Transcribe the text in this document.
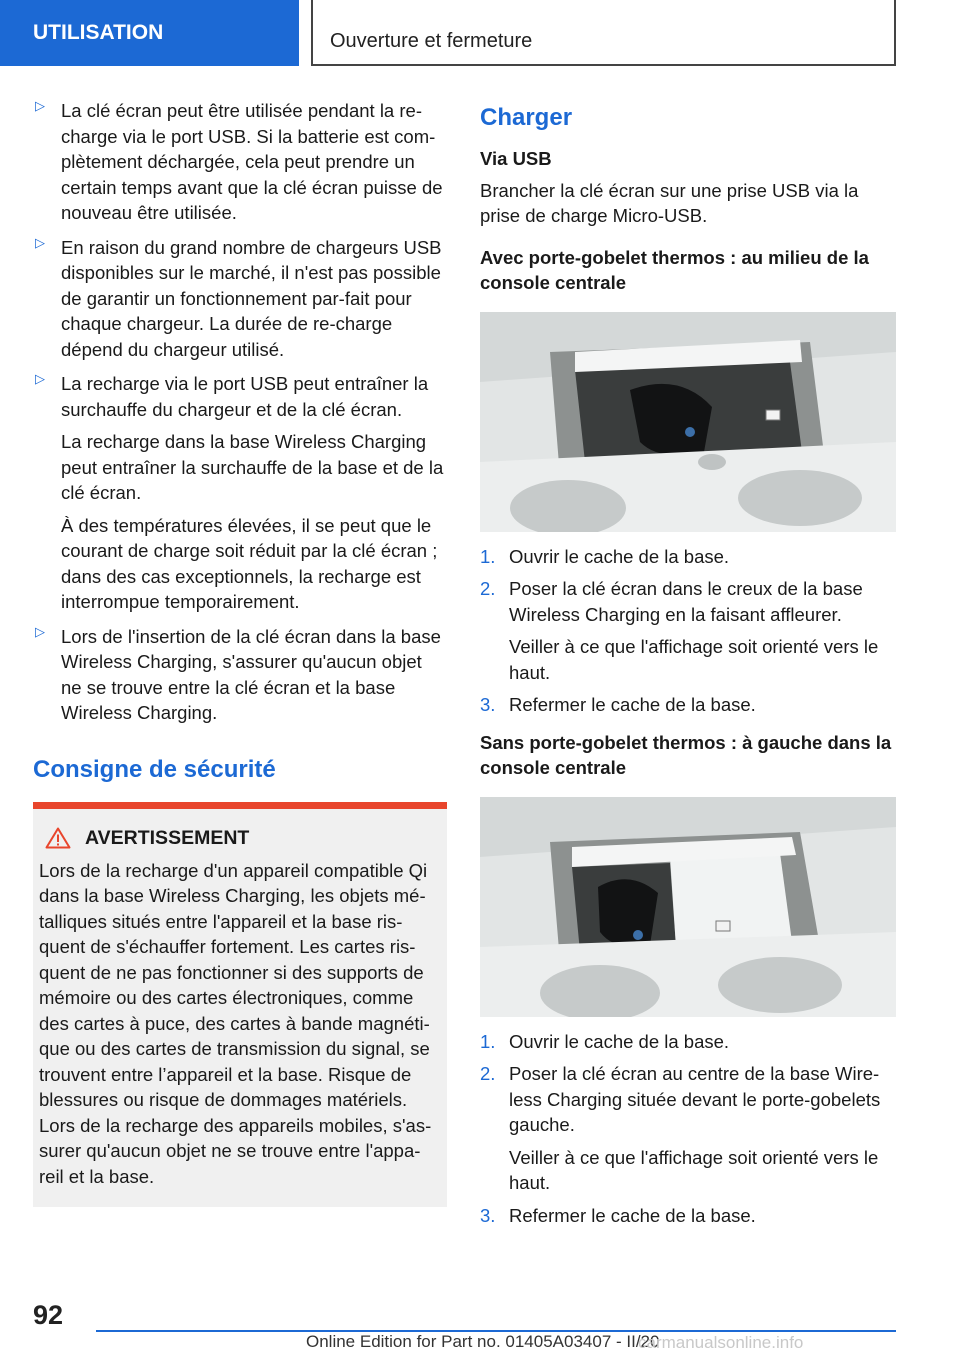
UTILISATION	Ouverture et fermeture
▷ La clé écran peut être utilisée pendant la re-charge via le port USB. Si la batterie est com-plètement déchargée, cela peut prendre un certain temps avant que la clé écran puisse de nouveau être utilisée.

▷ En raison du grand nombre de chargeurs USB disponibles sur le marché, il n'est pas possible de garantir un fonctionnement par-fait pour chaque chargeur. La durée de re-charge dépend du chargeur utilisé.

▷ La recharge via le port USB peut entraîner la surchauffe du chargeur et de la clé écran.

La recharge dans la base Wireless Charging peut entraîner la surchauffe de la base et de la clé écran.

À des températures élevées, il se peut que le courant de charge soit réduit par la clé écran ; dans des cas exceptionnels, la recharge est interrompue temporairement.

▷ Lors de l'insertion de la clé écran dans la base Wireless Charging, s'assurer qu'aucun objet ne se trouve entre la clé écran et la base Wireless Charging.

Consigne de sécurité
AVERTISSEMENT
Lors de la recharge d'un appareil compatible Qi dans la base Wireless Charging, les objets mé-talliques situés entre l'appareil et la base ris-quent de s'échauffer fortement. Les cartes ris-quent de ne pas fonctionner si des supports de mémoire ou des cartes électroniques, comme des cartes à puce, des cartes à bande magnéti-que ou des cartes de transmission du signal, se trouvent entre l’appareil et la base. Risque de blessures ou risque de dommages matériels. Lors de la recharge des appareils mobiles, s'as-surer qu'aucun objet ne se trouve entre l'appa-reil et la base.
Charger
Via USB

Brancher la clé écran sur une prise USB via la prise de charge Micro-USB.

Avec porte-gobelet thermos : au milieu de la console centrale
1. Ouvrir le cache de la base.

2. Poser la clé écran dans le creux de la base Wireless Charging en la faisant affleurer.

Veiller à ce que l'affichage soit orienté vers le haut.

3. Refermer le cache de la base.

Sans porte-gobelet thermos : à gauche dans la console centrale
1. Ouvrir le cache de la base.

2. Poser la clé écran au centre de la base Wire-less Charging située devant le porte-gobelets gauche.

Veiller à ce que l'affichage soit orienté vers le haut.

3. Refermer le cache de la base.

92
Online Edition for Part no. 01405A03407 - II/20
carmanualsonline.info
